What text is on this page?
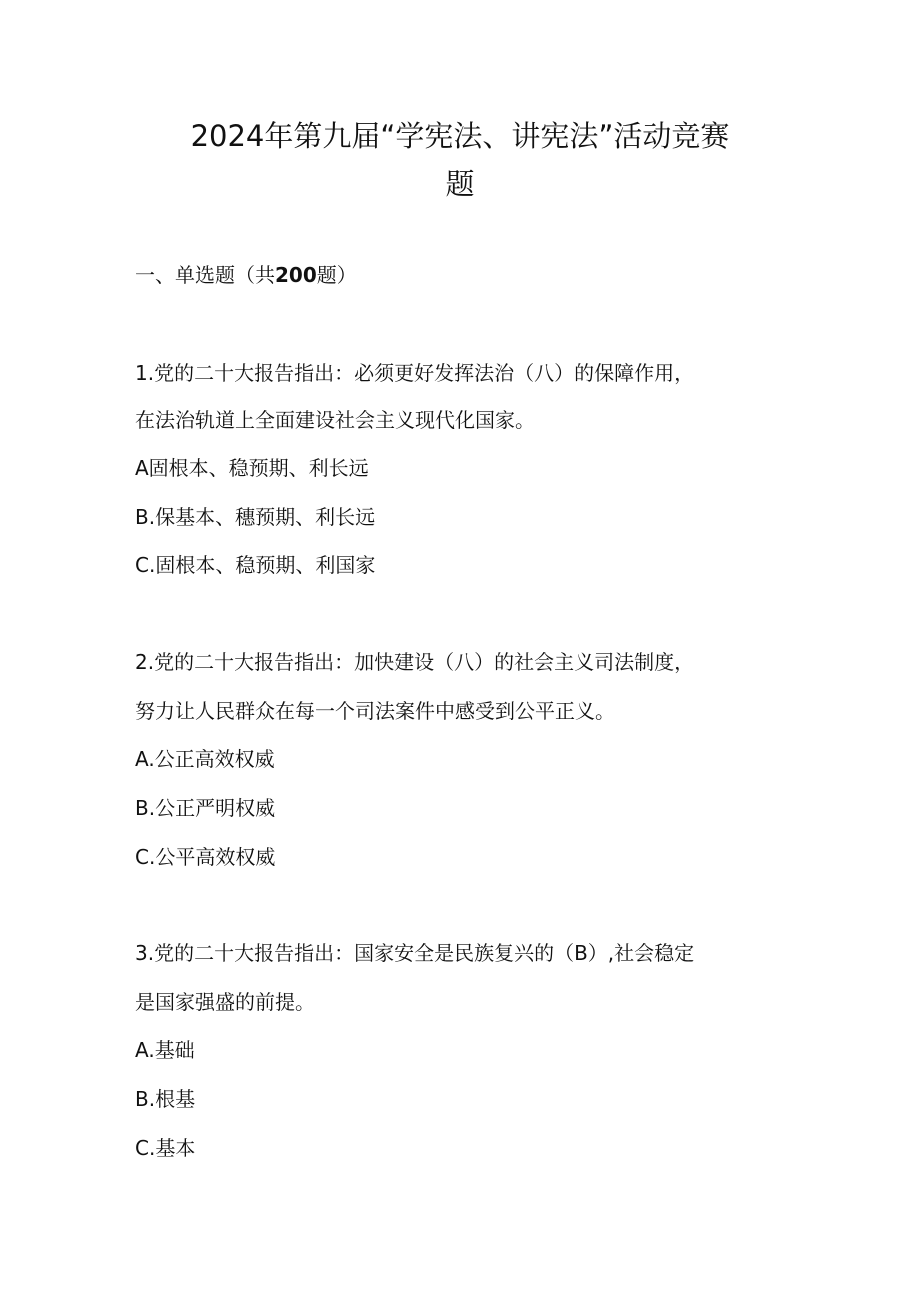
2024年第九届“学宪法、讲宪法”活动竞赛
题
一、单选题（共200题）
1.党的二十大报告指出：必须更好发挥法治（八）的保障作用，
在法治轨道上全面建设社会主义现代化国家。
A固根本、稳预期、利长远
B.保基本、穗预期、利长远
C.固根本、稳预期、利国家
2.党的二十大报告指出：加快建设（八）的社会主义司法制度，
努力让人民群众在每一个司法案件中感受到公平正义。
A.公正高效权威
B.公正严明权威
C.公平高效权威
3.党的二十大报告指出：国家安全是民族复兴的（B）,社会稳定
是国家强盛的前提。
A.基础
B.根基
C.基本
